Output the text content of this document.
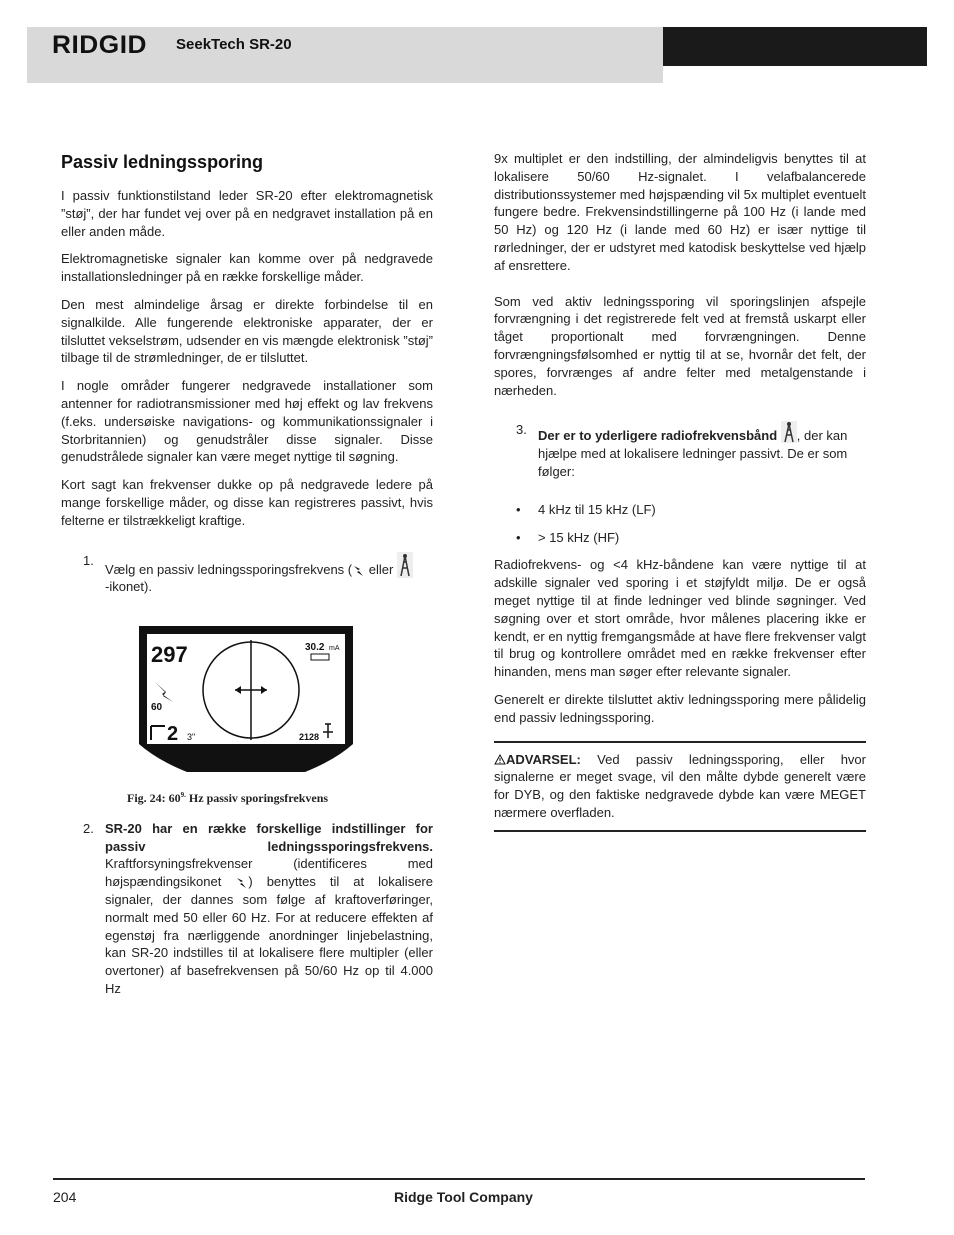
RIDGID SeekTech SR-20
Passiv ledningssporing

I passiv funktionstilstand leder SR-20 efter elektromagnetisk ”støj”, der har fundet vej over på en nedgravet installation på en eller anden måde.

Elektromagnetiske signaler kan komme over på nedgravede installationsledninger på en række forskellige måder.

Den mest almindelige årsag er direkte forbindelse til en signalkilde. Alle fungerende elektroniske apparater, der er tilsluttet vekselstrøm, udsender en vis mængde elektronisk ”støj” tilbage til de strømledninger, de er tilsluttet.

I nogle områder fungerer nedgravede installationer som antenner for radiotransmissioner med høj effekt og lav frekvens (f.eks. undersøiske navigations- og kommunikationssignaler i Storbritannien) og genudstråler disse signaler. Disse genudstrålede signaler kan være meget nyttige til søgning.

Kort sagt kan frekvenser dukke op på nedgravede ledere på mange forskellige måder, og disse kan registreres passivt, hvis felterne er tilstrækkeligt kraftige.

1.
Vælg en passiv ledningssporingsfrekvens ( eller
-ikonet).
297	30.2 mA
60
2 3"	2128
Fig. 24: $60^{9.}$ Hz passiv sporingsfrekvens
2. SR-20 har en række forskellige indstillinger for passiv ledningssporingsfrekvens. Kraftforsyningsfrekvenser (identificeres med højspændingsikonet ) benyttes til at lokalisere signaler, der dannes som følge af kraftoverføringer, normalt med 50 eller 60 Hz. For at reducere effekten af egenstøj fra nærliggende anordninger linjebelastning, kan SR-20 indstilles til at lokalisere flere multipler (eller overtoner) af basefrekvensen på 50/60 Hz op til 4.000 Hz

9x multiplet er den indstilling, der almindeligvis benyttes til at lokalisere 50/60 Hz-signalet. I velafbalancerede distributionssystemer med højspænding vil 5x multiplet eventuelt fungere bedre. Frekvensindstillingerne på 100 Hz (i lande med 50 Hz) og 120 Hz (i lande med 60 Hz) er især nyttige til rørledninger, der er udstyret med katodisk beskyttelse ved hjælp af ensrettere.

Som ved aktiv ledningssporing vil sporingslinjen afspejle forvrængning i det registrerede felt ved at fremstå uskarpt eller tåget proportionalt med forvrængningen. Denne forvrængningsfølsomhed er nyttig til at se, hvornår det felt, der spores, forvrænges af andre felter med metalgenstande i nærheden.

3. Der er to yderligere radiofrekvensbånd , der kan hjælpe med at lokalisere ledninger passivt. De er som følger:
• 4 kHz til 15 kHz (LF)
• > 15 kHz (HF)

Radiofrekvens- og <4 kHz-båndene kan være nyttige til at adskille signaler ved sporing i et støjfyldt miljø. De er også meget nyttige til at finde ledninger ved blinde søgninger. Ved søgning over et stort område, hvor målenes placering ikke er kendt, er en nyttig fremgangsmåde at have flere frekvenser valgt til brug og kontrollere området med en række frekvenser efter hinanden, mens man søger efter relevante signaler.

Generelt er direkte tilsluttet aktiv ledningssporing mere pålidelig end passiv ledningssporing.

ADVARSEL: Ved passiv ledningssporing, eller hvor signalerne er meget svage, vil den målte dybde generelt være for DYB, og den faktiske nedgravede dybde kan være MEGET nærmere overfladen.
204	Ridge Tool Company
